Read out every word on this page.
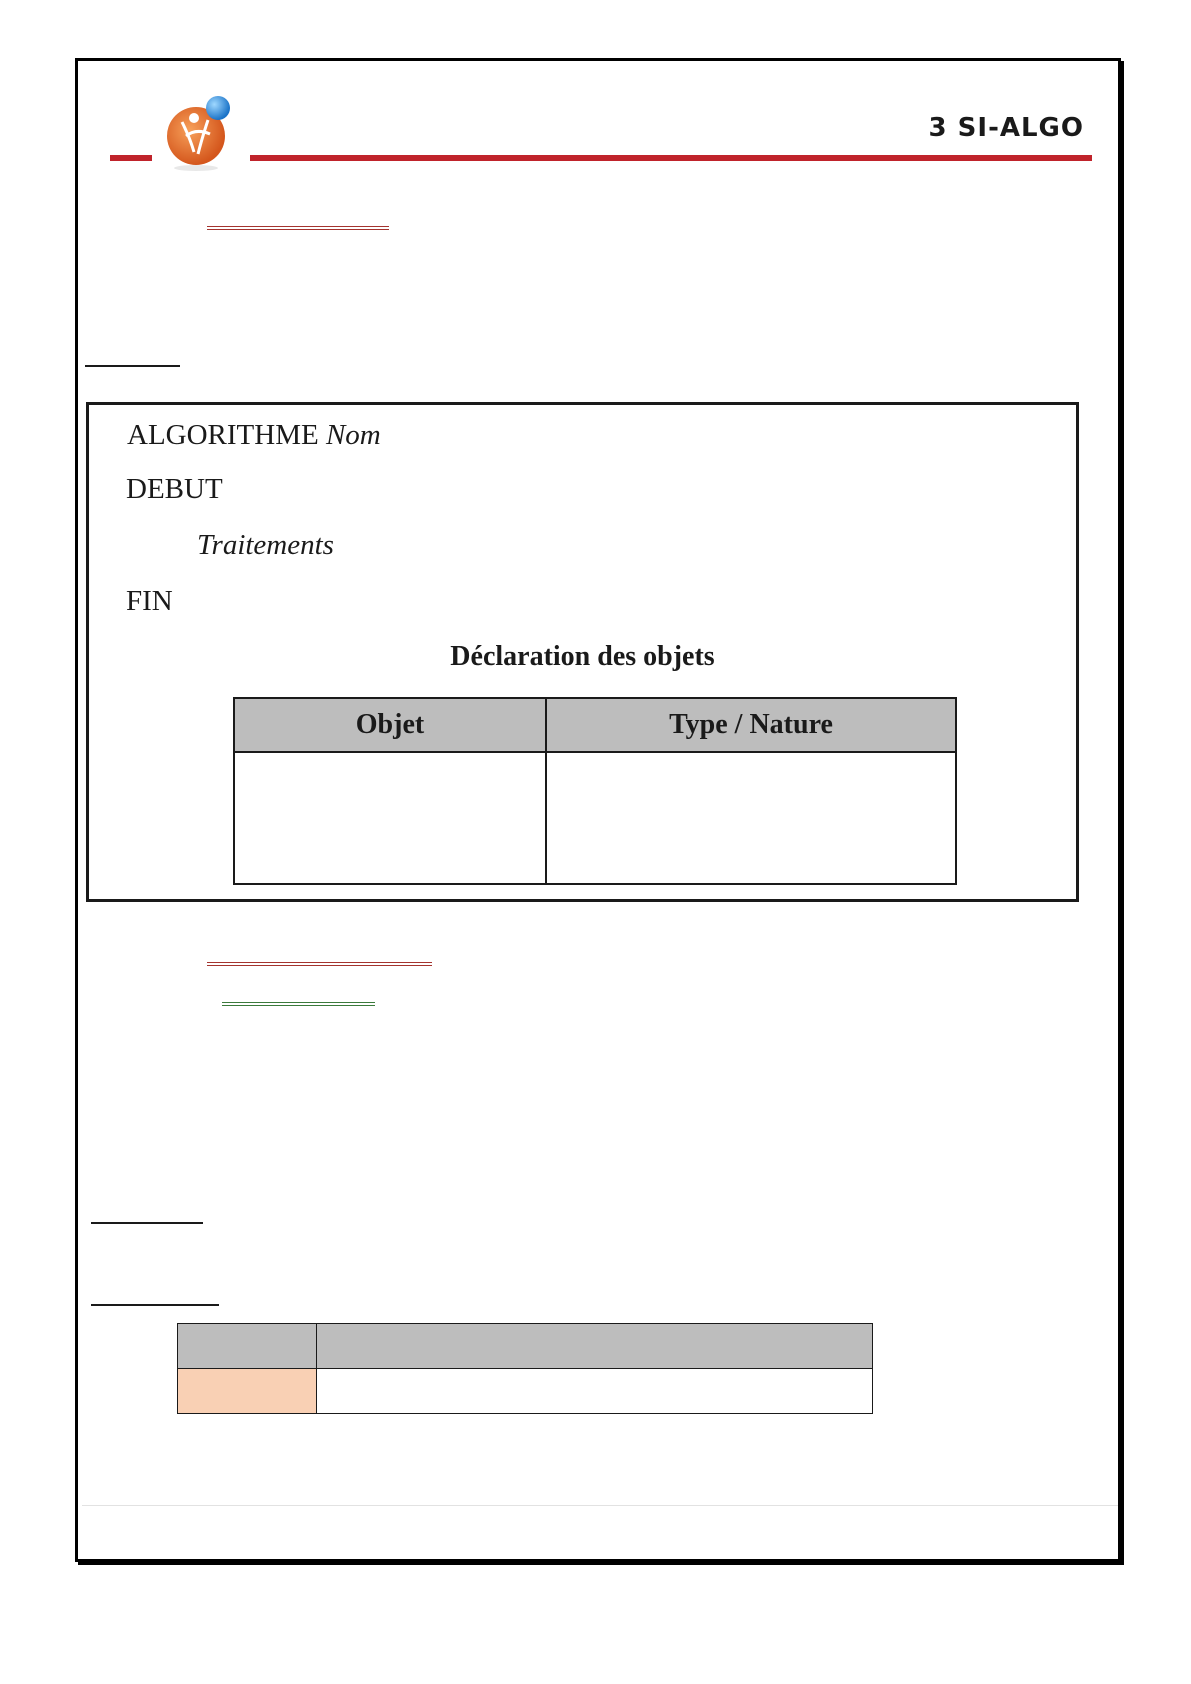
3 SI-ALGO
ALGORITHME Nom
DEBUT
Traitements
FIN
Déclaration des objets
Objet	Type / Nature
